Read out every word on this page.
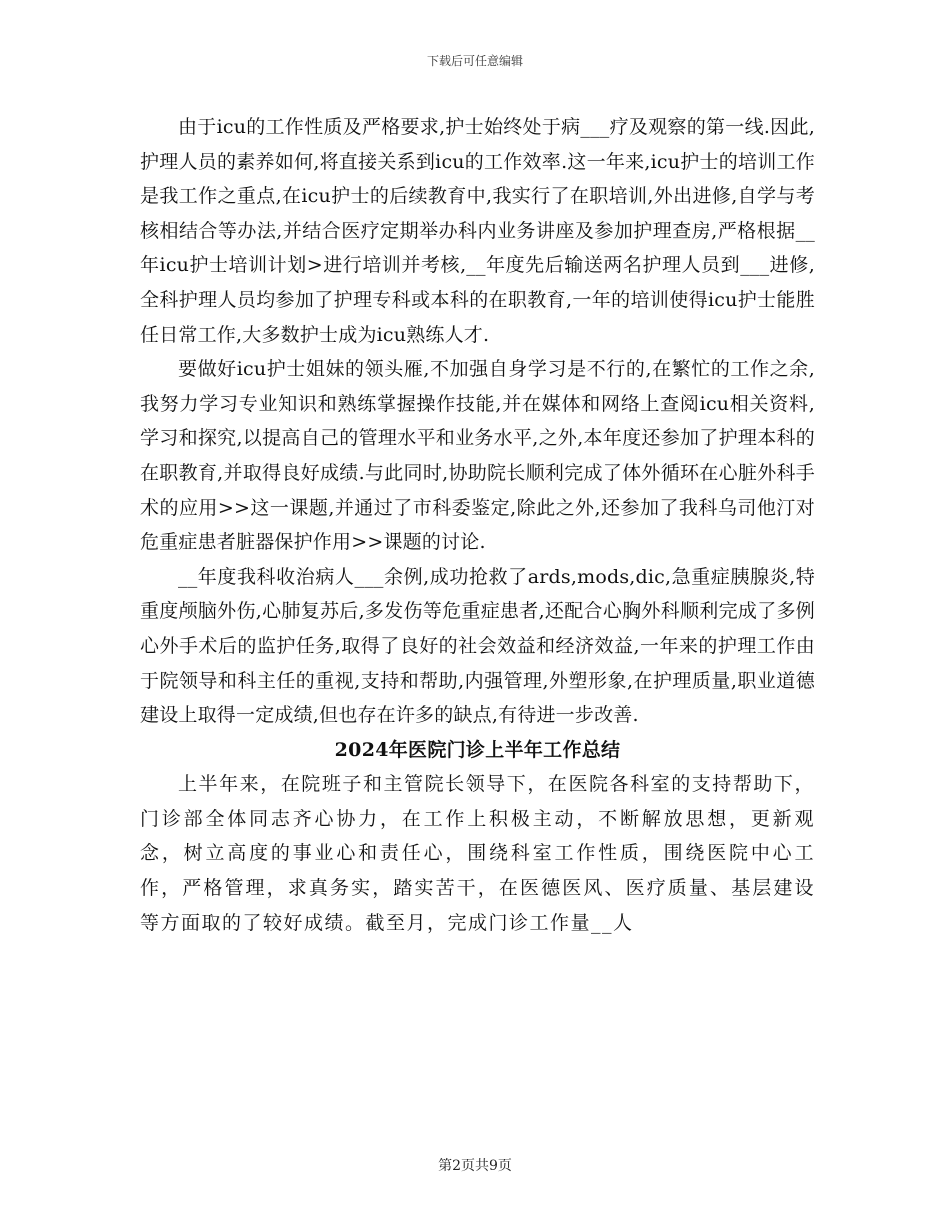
下载后可任意编辑

由于icu的工作性质及严格要求,护士始终处于病___疗及观察的第一线.因此,护理人员的素养如何,将直接关系到icu的工作效率.这一年来,icu护士的培训工作是我工作之重点,在icu护士的后续教育中,我实行了在职培训,外出进修,自学与考核相结合等办法,并结合医疗定期举办科内业务讲座及参加护理查房,严格根据__年icu护士培训计划>进行培训并考核,__年度先后输送两名护理人员到___进修,全科护理人员均参加了护理专科或本科的在职教育,一年的培训使得icu护士能胜任日常工作,大多数护士成为icu熟练人才.

要做好icu护士姐妹的领头雁,不加强自身学习是不行的,在繁忙的工作之余,我努力学习专业知识和熟练掌握操作技能,并在媒体和网络上查阅icu相关资料,学习和探究,以提高自己的管理水平和业务水平,之外,本年度还参加了护理本科的在职教育,并取得良好成绩.与此同时,协助院长顺利完成了体外循环在心脏外科手术的应用>>这一课题,并通过了市科委鉴定,除此之外,还参加了我科乌司他汀对危重症患者脏器保护作用>>课题的讨论.

__年度我科收治病人___余例,成功抢救了ards,mods,dic,急重症胰腺炎,特重度颅脑外伤,心肺复苏后,多发伤等危重症患者,还配合心胸外科顺利完成了多例心外手术后的监护任务,取得了良好的社会效益和经济效益,一年来的护理工作由于院领导和科主任的重视,支持和帮助,内强管理,外塑形象,在护理质量,职业道德建设上取得一定成绩,但也存在许多的缺点,有待进一步改善.

2024年医院门诊上半年工作总结

上半年来，在院班子和主管院长领导下，在医院各科室的支持帮助下，门诊部全体同志齐心协力，在工作上积极主动，不断解放思想，更新观念，树立高度的事业心和责任心，围绕科室工作性质，围绕医院中心工作，严格管理，求真务实，踏实苦干，在医德医风、医疗质量、基层建设等方面取的了较好成绩。截至月，完成门诊工作量__人

第2页共9页
